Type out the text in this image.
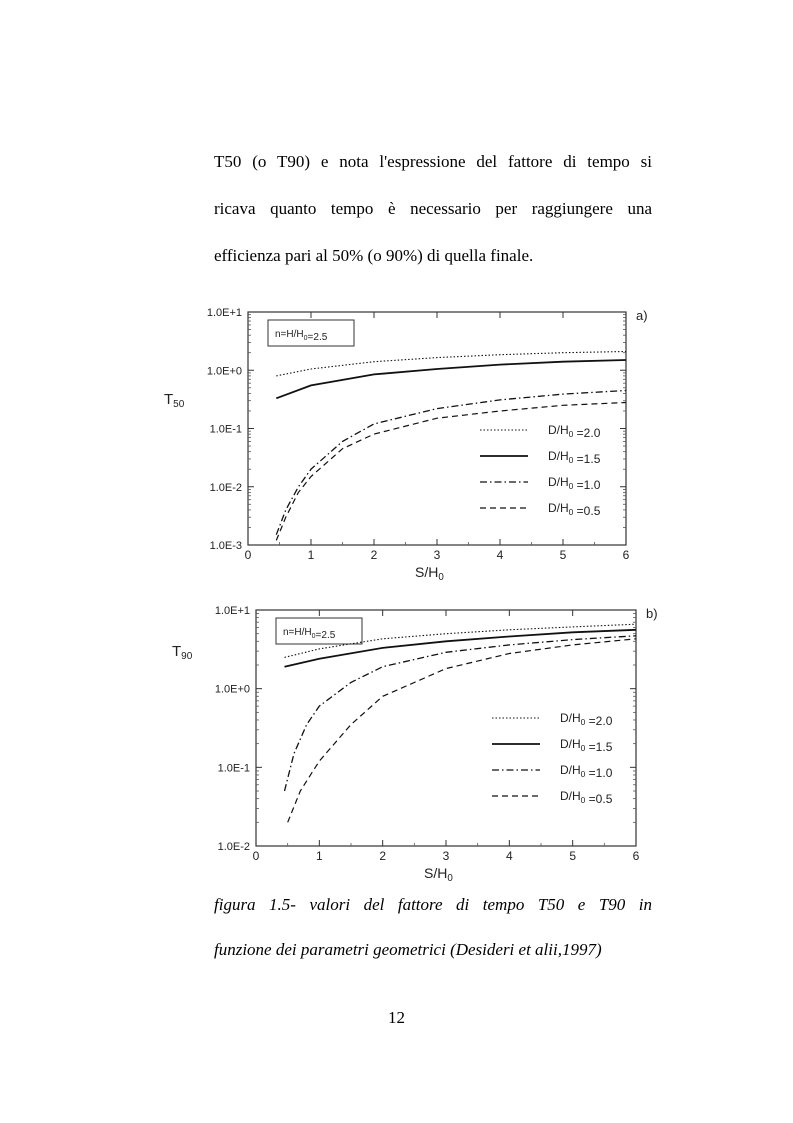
T50 (o T90) e nota l'espressione del fattore di tempo si
ricava quanto tempo è necessario per raggiungere una
efficienza pari al 50% (o 90%) di quella finale.
1.0E-3
1.0E-2
1.0E-1
1.0E+0
1.0E+1
0	1	2	3	4	5	6
$S/H_0$
$T_{50}$
a)
$n=H/H_0=2.5$
$D/H_0 =2.0$
$D/H_0 =1.5$
$D/H_0 =1.0$
$D/H_0 =0.5$
1.0E-2
1.0E-1
1.0E+0
1.0E+1
0	1	2	3	4	5	6
$S/H_0$
$T_{90}$
b)
$n=H/H_0=2.5$
$D/H_0 =2.0$
$D/H_0 =1.5$
$D/H_0 =1.0$
$D/H_0 =0.5$
figura 1.5- valori del fattore di tempo T50 e T90 in
funzione dei parametri geometrici (Desideri et alii,1997)
12
